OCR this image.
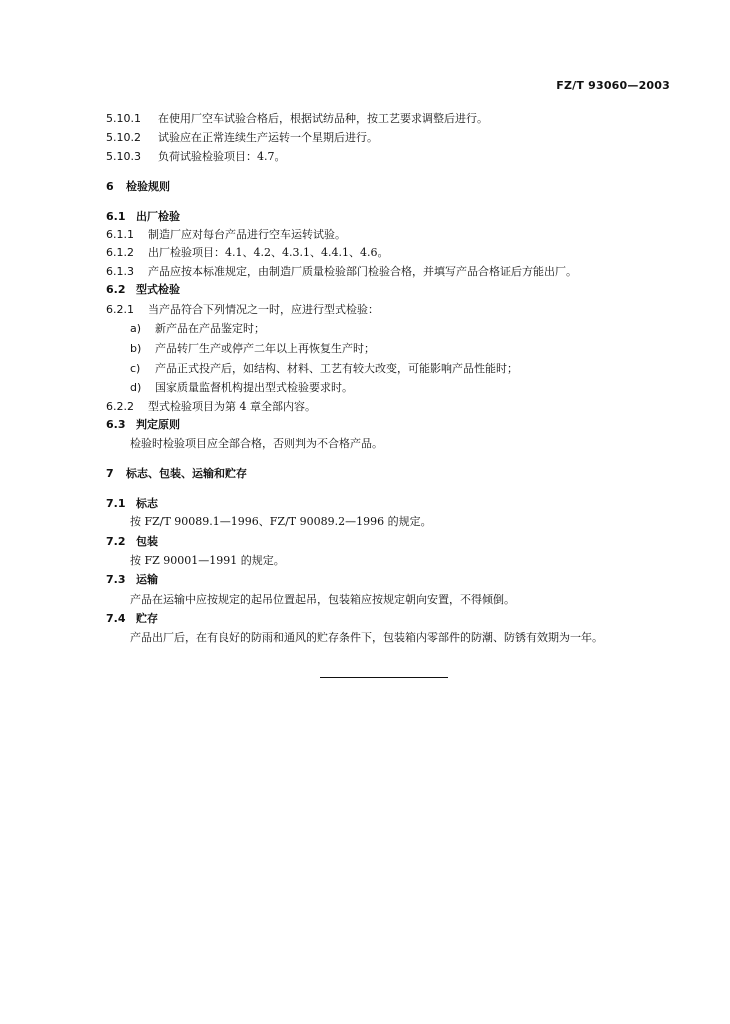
FZ/T 93060—2003
5.10.1 在使用厂空车试验合格后，根据试纺品种，按工艺要求调整后进行。
5.10.2 试验应在正常连续生产运转一个星期后进行。
5.10.3 负荷试验检验项目：4.7。
6 检验规则
6.1 出厂检验
6.1.1 制造厂应对每台产品进行空车运转试验。
6.1.2 出厂检验项目：4.1、4.2、4.3.1、4.4.1、4.6。
6.1.3 产品应按本标准规定，由制造厂质量检验部门检验合格，并填写产品合格证后方能出厂。
6.2 型式检验
6.2.1 当产品符合下列情况之一时，应进行型式检验：
a) 新产品在产品鉴定时；
b) 产品转厂生产或停产二年以上再恢复生产时；
c) 产品正式投产后，如结构、材料、工艺有较大改变，可能影响产品性能时；
d) 国家质量监督机构提出型式检验要求时。
6.2.2 型式检验项目为第 4 章全部内容。
6.3 判定原则
检验时检验项目应全部合格，否则判为不合格产品。
7 标志、包装、运输和贮存
7.1 标志
按 FZ/T 90089.1—1996、FZ/T 90089.2—1996 的规定。
7.2 包装
按 FZ 90001—1991 的规定。
7.3 运输
产品在运输中应按规定的起吊位置起吊，包装箱应按规定朝向安置，不得倾倒。
7.4 贮存
产品出厂后，在有良好的防雨和通风的贮存条件下，包装箱内零部件的防潮、防锈有效期为一年。
